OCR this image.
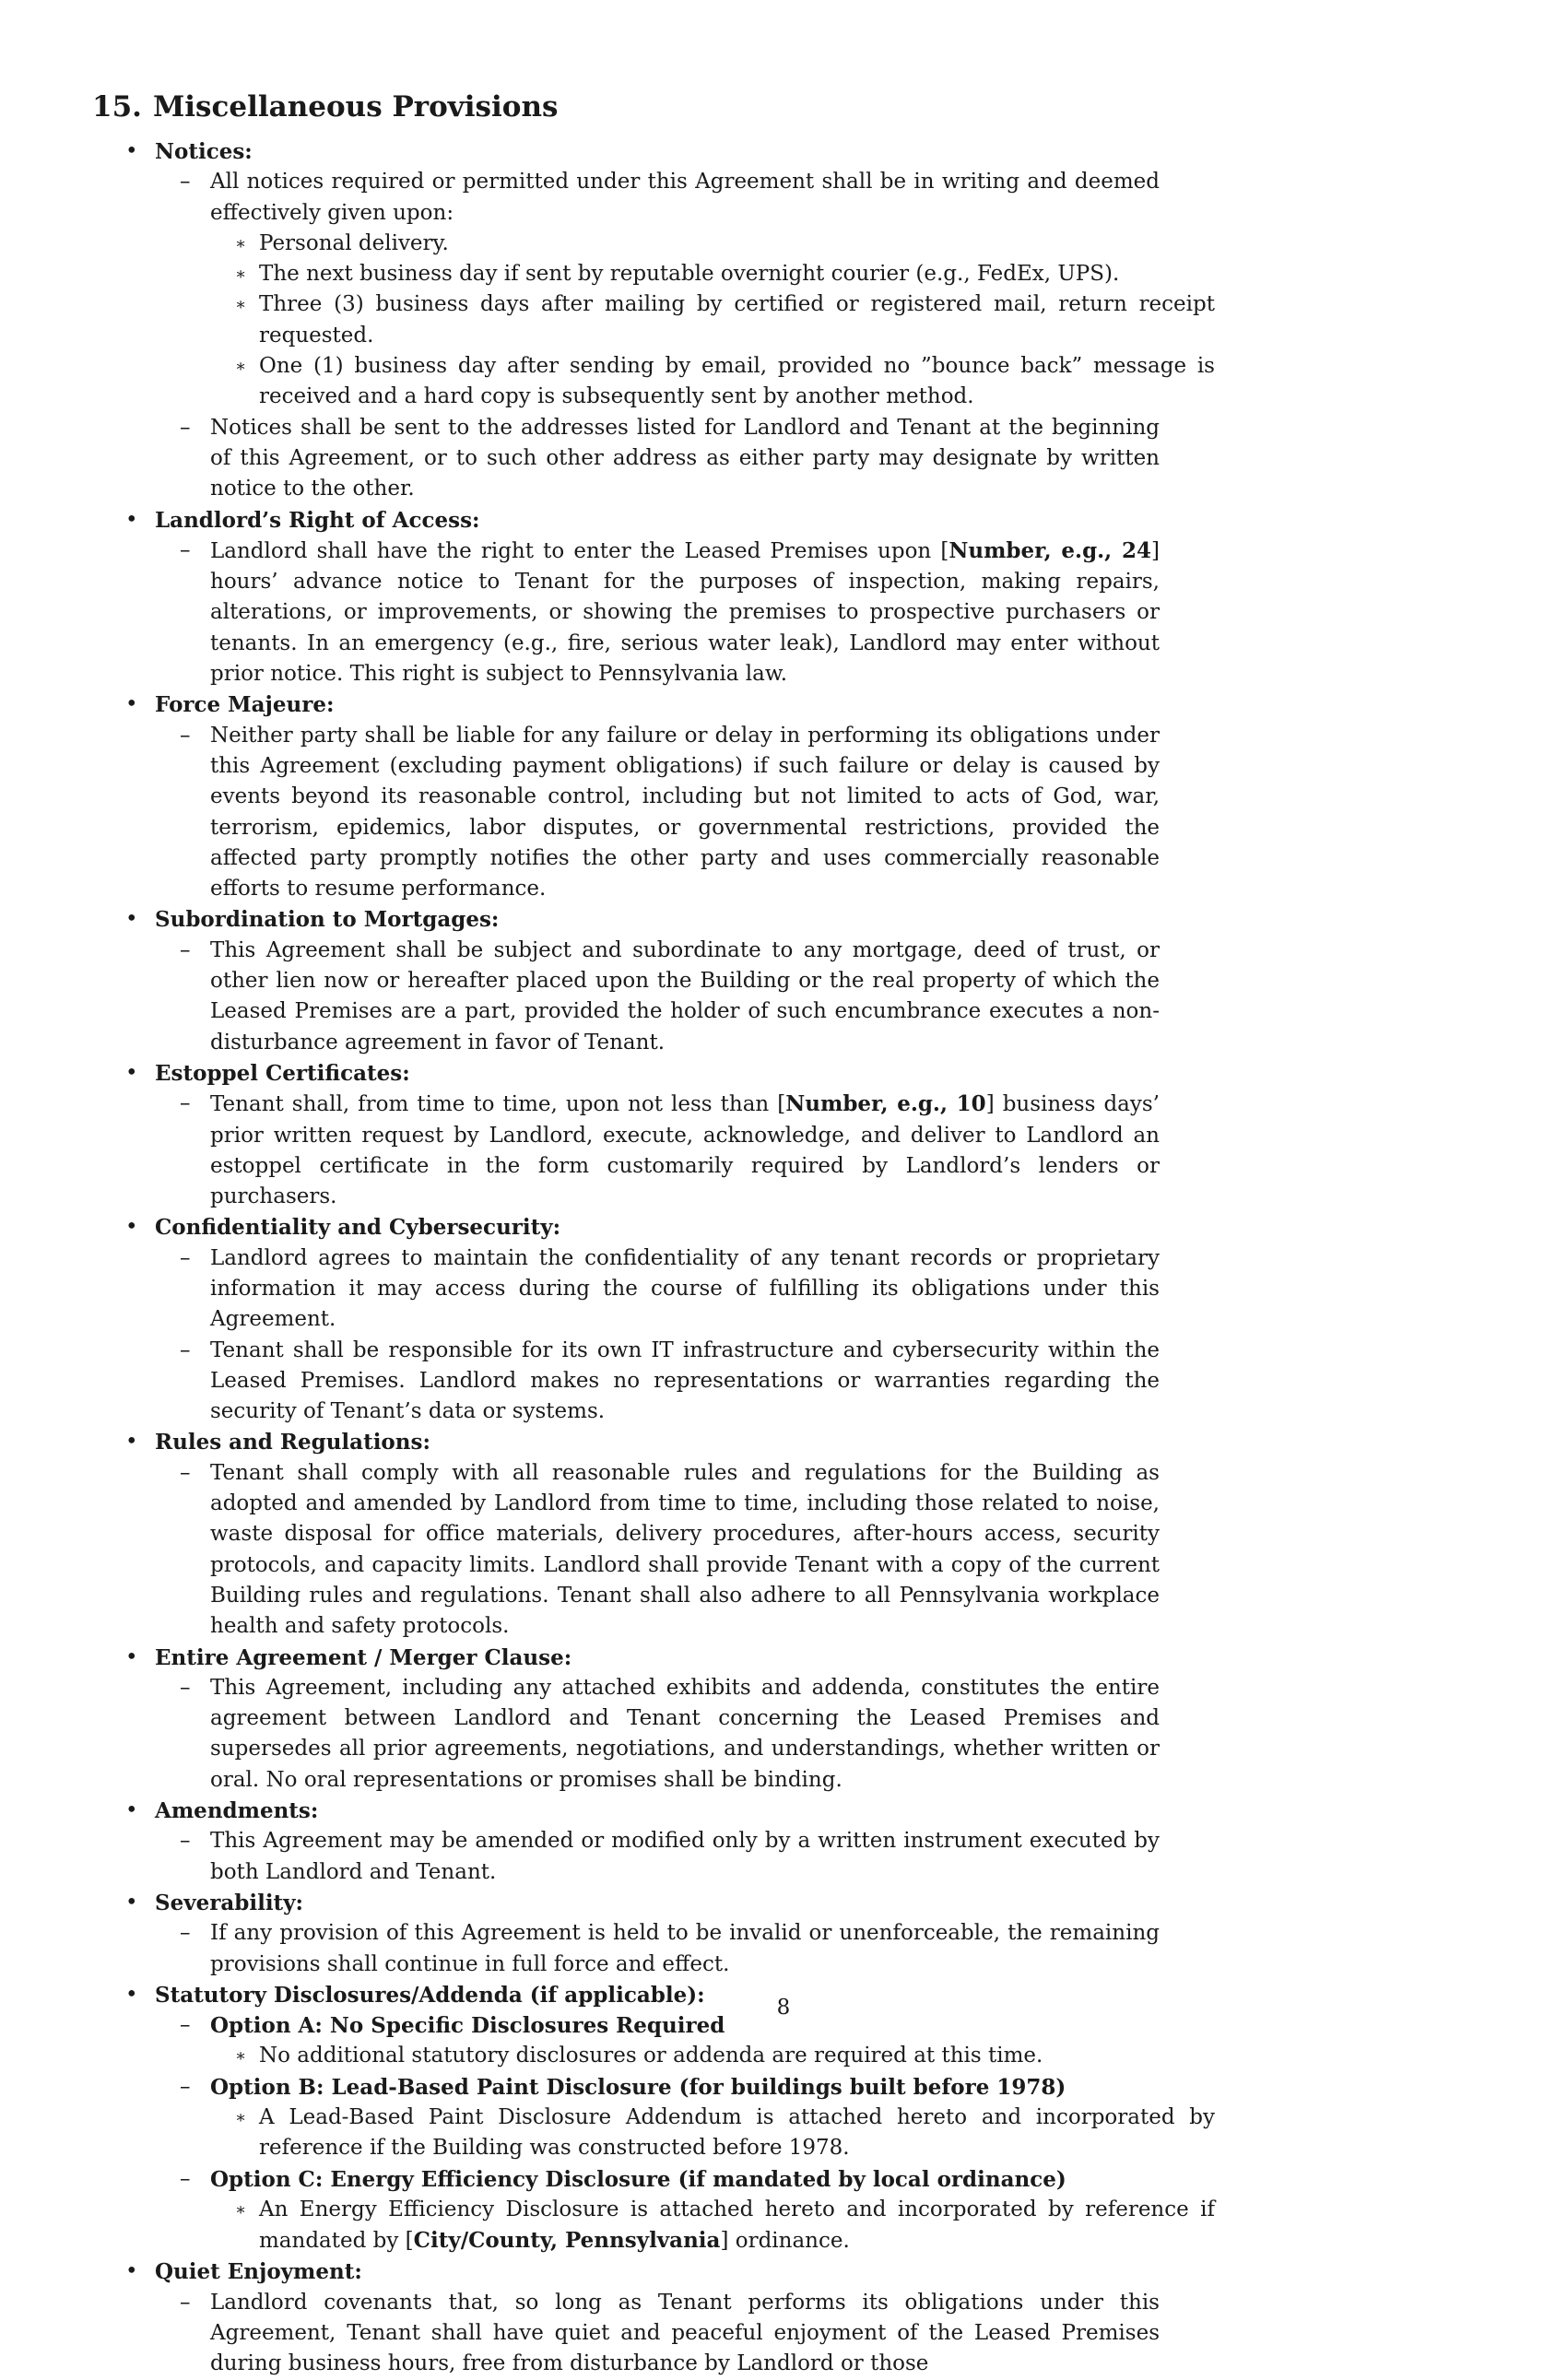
15. Miscellaneous Provisions
• Notices:
– All notices required or permitted under this Agreement shall be in writing and deemed effectively given upon:
∗ Personal delivery.
∗ The next business day if sent by reputable overnight courier (e.g., FedEx, UPS).
∗ Three (3) business days after mailing by certified or registered mail, return receipt requested.
∗ One (1) business day after sending by email, provided no ”bounce back” message is received and a hard copy is subsequently sent by another method.
– Notices shall be sent to the addresses listed for Landlord and Tenant at the beginning of this Agreement, or to such other address as either party may designate by written notice to the other.
• Landlord’s Right of Access:
– Landlord shall have the right to enter the Leased Premises upon [Number, e.g., 24] hours’ advance notice to Tenant for the purposes of inspection, making repairs, alterations, or improvements, or showing the premises to prospective purchasers or tenants. In an emergency (e.g., fire, serious water leak), Landlord may enter without prior notice. This right is subject to Pennsylvania law.
• Force Majeure:
– Neither party shall be liable for any failure or delay in performing its obligations under this Agreement (excluding payment obligations) if such failure or delay is caused by events beyond its reasonable control, including but not limited to acts of God, war, terrorism, epidemics, labor disputes, or governmental restrictions, provided the affected party promptly notifies the other party and uses commercially reasonable efforts to resume performance.
• Subordination to Mortgages:
– This Agreement shall be subject and subordinate to any mortgage, deed of trust, or other lien now or hereafter placed upon the Building or the real property of which the Leased Premises are a part, provided the holder of such encumbrance executes a non-disturbance agreement in favor of Tenant.
• Estoppel Certificates:
– Tenant shall, from time to time, upon not less than [Number, e.g., 10] business days’ prior written request by Landlord, execute, acknowledge, and deliver to Landlord an estoppel certificate in the form customarily required by Landlord’s lenders or purchasers.
• Confidentiality and Cybersecurity:
– Landlord agrees to maintain the confidentiality of any tenant records or proprietary information it may access during the course of fulfilling its obligations under this Agreement.
– Tenant shall be responsible for its own IT infrastructure and cybersecurity within the Leased Premises. Landlord makes no representations or warranties regarding the security of Tenant’s data or systems.
• Rules and Regulations:
– Tenant shall comply with all reasonable rules and regulations for the Building as adopted and amended by Landlord from time to time, including those related to noise, waste disposal for office materials, delivery procedures, after-hours access, security protocols, and capacity limits. Landlord shall provide Tenant with a copy of the current Building rules and regulations. Tenant shall also adhere to all Pennsylvania workplace health and safety protocols.
• Entire Agreement / Merger Clause:
– This Agreement, including any attached exhibits and addenda, constitutes the entire agreement between Landlord and Tenant concerning the Leased Premises and supersedes all prior agreements, negotiations, and understandings, whether written or oral. No oral representations or promises shall be binding.
• Amendments:
– This Agreement may be amended or modified only by a written instrument executed by both Landlord and Tenant.
• Severability:
– If any provision of this Agreement is held to be invalid or unenforceable, the remaining provisions shall continue in full force and effect.
• Statutory Disclosures/Addenda (if applicable):
– Option A: No Specific Disclosures Required
∗ No additional statutory disclosures or addenda are required at this time.
– Option B: Lead-Based Paint Disclosure (for buildings built before 1978)
∗ A Lead-Based Paint Disclosure Addendum is attached hereto and incorporated by reference if the Building was constructed before 1978.
– Option C: Energy Efficiency Disclosure (if mandated by local ordinance)
∗ An Energy Efficiency Disclosure is attached hereto and incorporated by reference if mandated by [City/County, Pennsylvania] ordinance.
• Quiet Enjoyment:
– Landlord covenants that, so long as Tenant performs its obligations under this Agreement, Tenant shall have quiet and peaceful enjoyment of the Leased Premises during business hours, free from disturbance by Landlord or those
8
